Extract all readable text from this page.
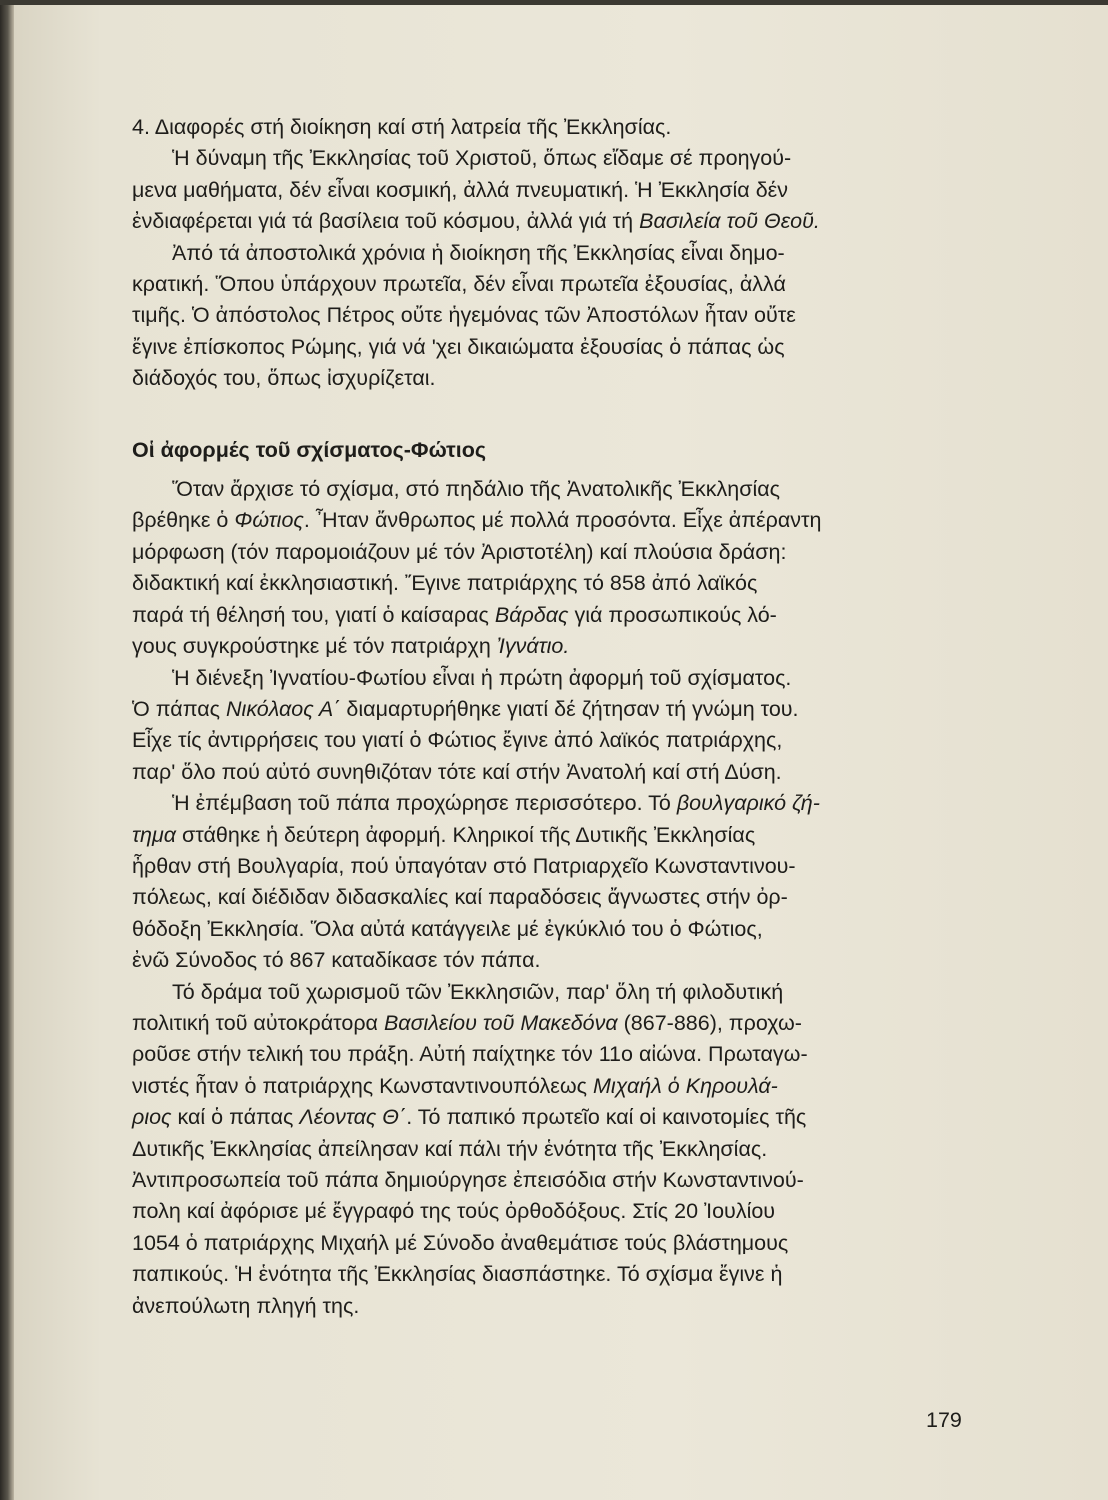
4. Διαφορές στή διοίκηση καί στή λατρεία τῆς Ἐκκλησίας.

Ἡ δύναμη τῆς Ἐκκλησίας τοῦ Χριστοῦ, ὅπως εἴδαμε σέ προηγού-

μενα μαθήματα, δέν εἶναι κοσμική, ἀλλά πνευματική. Ἡ Ἐκκλησία δέν

ἐνδιαφέρεται γιά τά βασίλεια τοῦ κόσμου, ἀλλά γιά τή Βασιλεία τοῦ Θεοῦ.

Ἀπό τά ἀποστολικά χρόνια ἡ διοίκηση τῆς Ἐκκλησίας εἶναι δημο-

κρατική. Ὅπου ὑπάρχουν πρωτεῖα, δέν εἶναι πρωτεῖα ἐξουσίας, ἀλλά

τιμῆς. Ὁ ἀπόστολος Πέτρος οὔτε ἡγεμόνας τῶν Ἀποστόλων ἦταν οὔτε

ἔγινε ἐπίσκοπος Ρώμης, γιά νά 'χει δικαιώματα ἐξουσίας ὁ πάπας ὡς

διάδοχός του, ὅπως ἰσχυρίζεται.

Οἱ ἀφορμές τοῦ σχίσματος-Φώτιος

Ὅταν ἄρχισε τό σχίσμα, στό πηδάλιο τῆς Ἀνατολικῆς Ἐκκλησίας

βρέθηκε ὁ Φώτιος. Ἦταν ἄνθρωπος μέ πολλά προσόντα. Εἶχε ἀπέραντη

μόρφωση (τόν παρομοιάζουν μέ τόν Ἀριστοτέλη) καί πλούσια δράση:

διδακτική καί ἐκκλησιαστική. Ἔγινε πατριάρχης τό 858 ἀπό λαϊκός

παρά τή θέλησή του, γιατί ὁ καίσαρας Βάρδας γιά προσωπικούς λό-

γους συγκρούστηκε μέ τόν πατριάρχη Ἰγνάτιο.

Ἡ διένεξη Ἰγνατίου-Φωτίου εἶναι ἡ πρώτη ἀφορμή τοῦ σχίσματος.

Ὁ πάπας Νικόλαος Α΄ διαμαρτυρήθηκε γιατί δέ ζήτησαν τή γνώμη του.

Εἶχε τίς ἀντιρρήσεις του γιατί ὁ Φώτιος ἔγινε ἀπό λαϊκός πατριάρχης,

παρ' ὅλο πού αὐτό συνηθιζόταν τότε καί στήν Ἀνατολή καί στή Δύση.

Ἡ ἐπέμβαση τοῦ πάπα προχώρησε περισσότερο. Τό βουλγαρικό ζή-

τημα στάθηκε ἡ δεύτερη ἀφορμή. Κληρικοί τῆς Δυτικῆς Ἐκκλησίας

ἦρθαν στή Βουλγαρία, πού ὑπαγόταν στό Πατριαρχεῖο Κωνσταντινου-

πόλεως, καί διέδιδαν διδασκαλίες καί παραδόσεις ἄγνωστες στήν ὀρ-

θόδοξη Ἐκκλησία. Ὅλα αὐτά κατάγγειλε μέ ἐγκύκλιό του ὁ Φώτιος,

ἐνῶ Σύνοδος τό 867 καταδίκασε τόν πάπα.

Τό δράμα τοῦ χωρισμοῦ τῶν Ἐκκλησιῶν, παρ' ὅλη τή φιλοδυτική

πολιτική τοῦ αὐτοκράτορα Βασιλείου τοῦ Μακεδόνα (867-886), προχω-

ροῦσε στήν τελική του πράξη. Αὐτή παίχτηκε τόν 11ο αἰώνα. Πρωταγω-

νιστές ἦταν ὁ πατριάρχης Κωνσταντινουπόλεως Μιχαήλ ὁ Κηρουλά-

ριος καί ὁ πάπας Λέοντας Θ΄. Τό παπικό πρωτεῖο καί οἱ καινοτομίες τῆς

Δυτικῆς Ἐκκλησίας ἀπείλησαν καί πάλι τήν ἑνότητα τῆς Ἐκκλησίας.

Ἀντιπροσωπεία τοῦ πάπα δημιούργησε ἐπεισόδια στήν Κωνσταντινού-

πολη καί ἀφόρισε μέ ἔγγραφό της τούς ὀρθοδόξους. Στίς 20 Ἰουλίου

1054 ὁ πατριάρχης Μιχαήλ μέ Σύνοδο ἀναθεμάτισε τούς βλάστημους

παπικούς. Ἡ ἑνότητα τῆς Ἐκκλησίας διασπάστηκε. Τό σχίσμα ἔγινε ἡ

ἀνεπούλωτη πληγή της.

179
